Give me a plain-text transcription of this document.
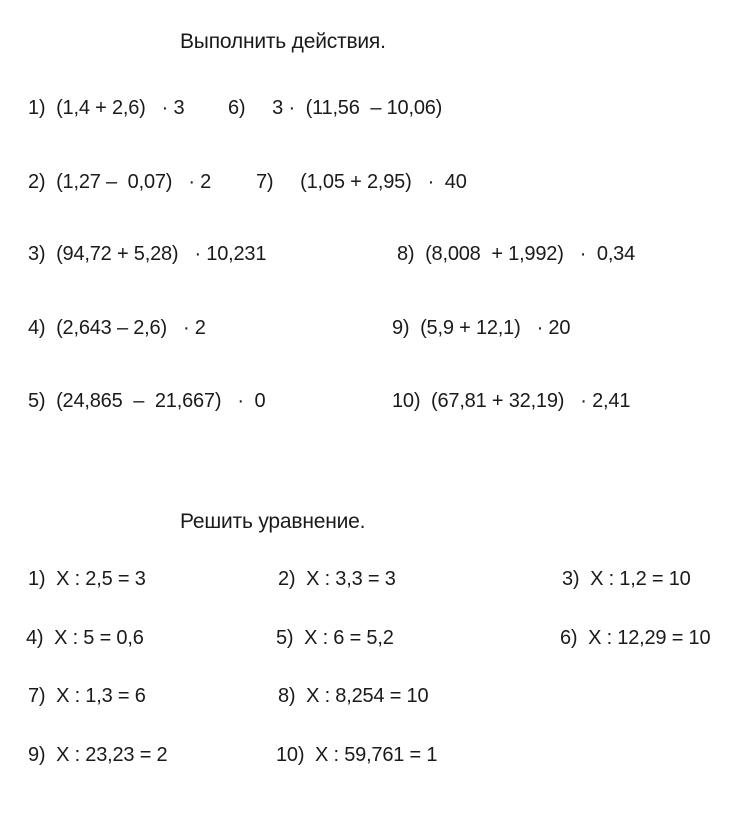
Выполнить действия.
1)  (1,4 + 2,6)   · 3 6)     3 ·  (11,56  – 10,06)
2)  (1,27 –  0,07)   · 2 7)     (1,05 + 2,95)   ·  40
3)  (94,72 + 5,28)   · 10,231	8)  (8,008  + 1,992)   ·  0,34
4)  (2,643 – 2,6)   · 2	9)  (5,9 + 12,1)   · 20
5)  (24,865  –  21,667)   ·  0	10)  (67,81 + 32,19)   · 2,41
Решить уравнение.
1)  X : 2,5 = 3	2)  X : 3,3 = 3	3)  X : 1,2 = 10
4)  X : 5 = 0,6	5)  X : 6 = 5,2	6)  X : 12,29 = 10
7)  X : 1,3 = 6	8)  X : 8,254 = 10
9)  X : 23,23 = 2	10)  X : 59,761 = 1
